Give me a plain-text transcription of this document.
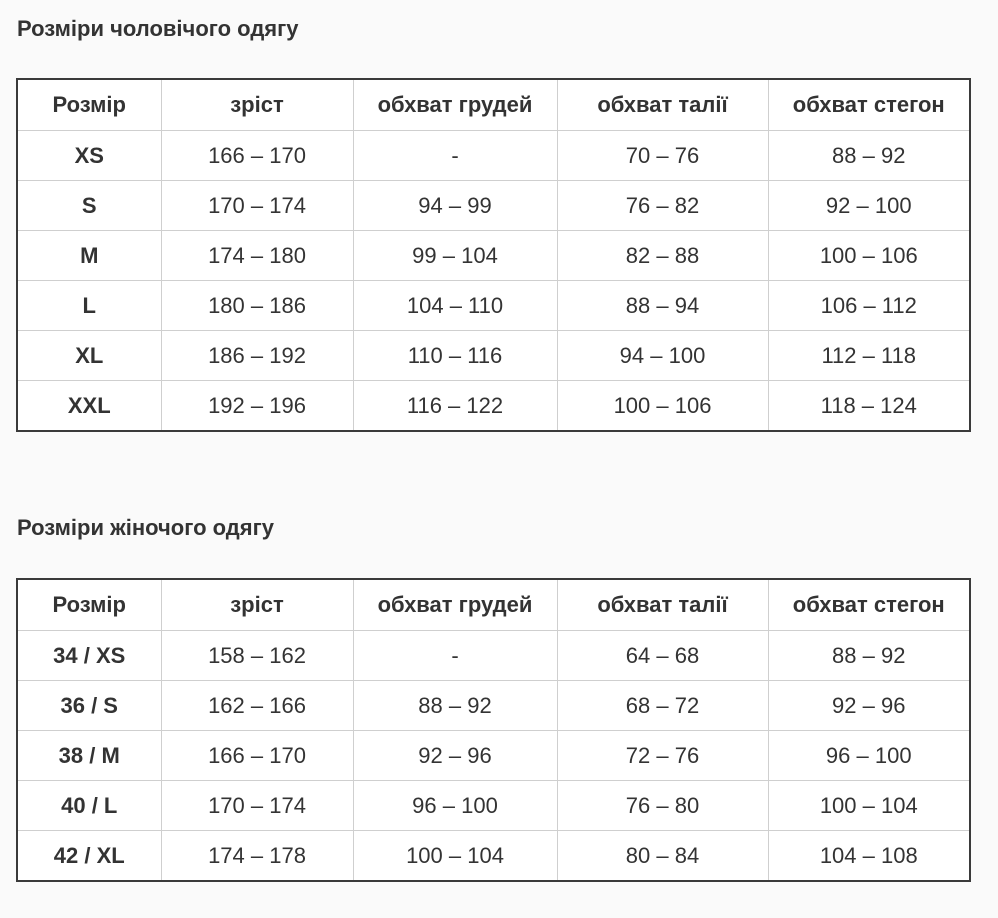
Розміри чоловічого одягу
Розмір	зріст	обхват грудей	обхват талії	обхват стегон
XS	166 – 170	-	70 – 76	88 – 92
S	170 – 174	94 – 99	76 – 82	92 – 100
M	174 – 180	99 – 104	82 – 88	100 – 106
L	180 – 186	104 – 110	88 – 94	106 – 112
XL	186 – 192	110 – 116	94 – 100	112 – 118
XXL	192 – 196	116 – 122	100 – 106	118 – 124
Розміри жіночого одягу
Розмір	зріст	обхват грудей	обхват талії	обхват стегон
34 / XS	158 – 162	-	64 – 68	88 – 92
36 / S	162 – 166	88 – 92	68 – 72	92 – 96
38 / M	166 – 170	92 – 96	72 – 76	96 – 100
40 / L	170 – 174	96 – 100	76 – 80	100 – 104
42 / XL	174 – 178	100 – 104	80 – 84	104 – 108
